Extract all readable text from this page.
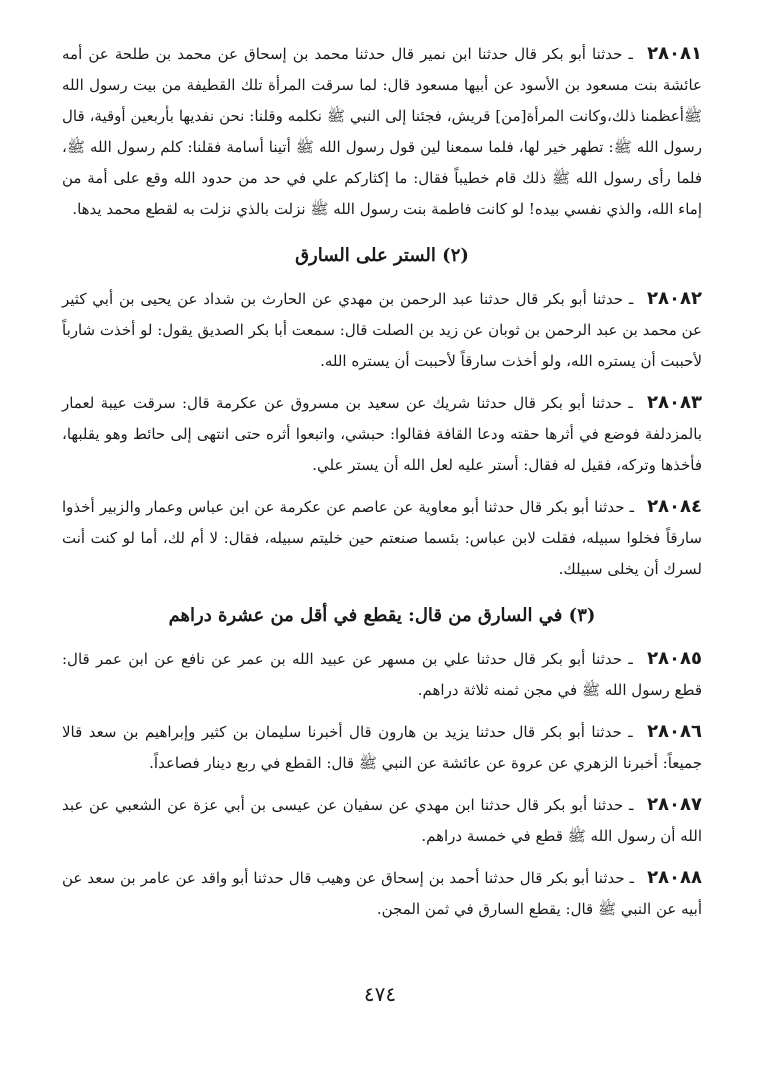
٢٨٠٨١ ـ حدثنا أبو بكر قال حدثنا ابن نمير قال حدثنا محمد بن إسحاق عن محمد بن طلحة عن أمه عائشة بنت مسعود بن الأسود عن أبيها مسعود قال: لما سرقت المرأة تلك القطيفة من بيت رسول الله ﷺأعظمنا ذلك،وكانت المرأة[من] قريش، فجئنا إلى النبي ﷺ نكلمه وقلنا: نحن نفديها بأربعين أوقية، قال رسول الله ﷺ: تطهر خير لها، فلما سمعنا لين قول رسول الله ﷺ أتينا أسامة فقلنا: كلم رسول الله ﷺ، فلما رأى رسول الله ﷺ ذلك قام خطيباً فقال: ما إكثاركم علي في حد من حدود الله وقع على أمة من إماء الله، والذي نفسي بيده! لو كانت فاطمة بنت رسول الله ﷺ نزلت بالذي نزلت به لقطع محمد يدها.

(٢) الستر على السارق

٢٨٠٨٢ ـ حدثنا أبو بكر قال حدثنا عبد الرحمن بن مهدي عن الحارث بن شداد عن يحيى بن أبي كثير عن محمد بن عبد الرحمن بن ثوبان عن زيد بن الصلت قال: سمعت أبا بكر الصديق يقول: لو أخذت شارباً لأحببت أن يستره الله، ولو أخذت سارقاً لأحببت أن يستره الله.

٢٨٠٨٣ ـ حدثنا أبو بكر قال حدثنا شريك عن سعيد بن مسروق عن عكرمة قال: سرقت عيبة لعمار بالمزدلفة فوضع في أثرها حقته ودعا القافة فقالوا: حبشي، واتبعوا أثره حتى انتهى إلى حائط وهو يقلبها، فأخذها وتركه، فقيل له فقال: أستر عليه لعل الله أن يستر علي.

٢٨٠٨٤ ـ حدثنا أبو بكر قال حدثنا أبو معاوية عن عاصم عن عكرمة عن ابن عباس وعمار والزبير أخذوا سارقاً فخلوا سبيله، فقلت لابن عباس: بئسما صنعتم حين خليتم سبيله، فقال: لا أم لك، أما لو كنت أنت لسرك أن يخلى سبيلك.

(٣) في السارق من قال: يقطع في أقل من عشرة دراهم

٢٨٠٨٥ ـ حدثنا أبو بكر قال حدثنا علي بن مسهر عن عبيد الله بن عمر عن نافع عن ابن عمر قال: قطع رسول الله ﷺ في مجن ثمنه ثلاثة دراهم.

٢٨٠٨٦ ـ حدثنا أبو بكر قال حدثنا يزيد بن هارون قال أخبرنا سليمان بن كثير وإبراهيم بن سعد قالا جميعاً: أخبرنا الزهري عن عروة عن عائشة عن النبي ﷺ قال: القطع في ربع دينار فصاعداً.

٢٨٠٨٧ ـ حدثنا أبو بكر قال حدثنا ابن مهدي عن سفيان عن عيسى بن أبي عزة عن الشعبي عن عبد الله أن رسول الله ﷺ قطع في خمسة دراهم.

٢٨٠٨٨ ـ حدثنا أبو بكر قال حدثنا أحمد بن إسحاق عن وهيب قال حدثنا أبو واقد عن عامر بن سعد عن أبيه عن النبي ﷺ قال: يقطع السارق في ثمن المجن.

٤٧٤
